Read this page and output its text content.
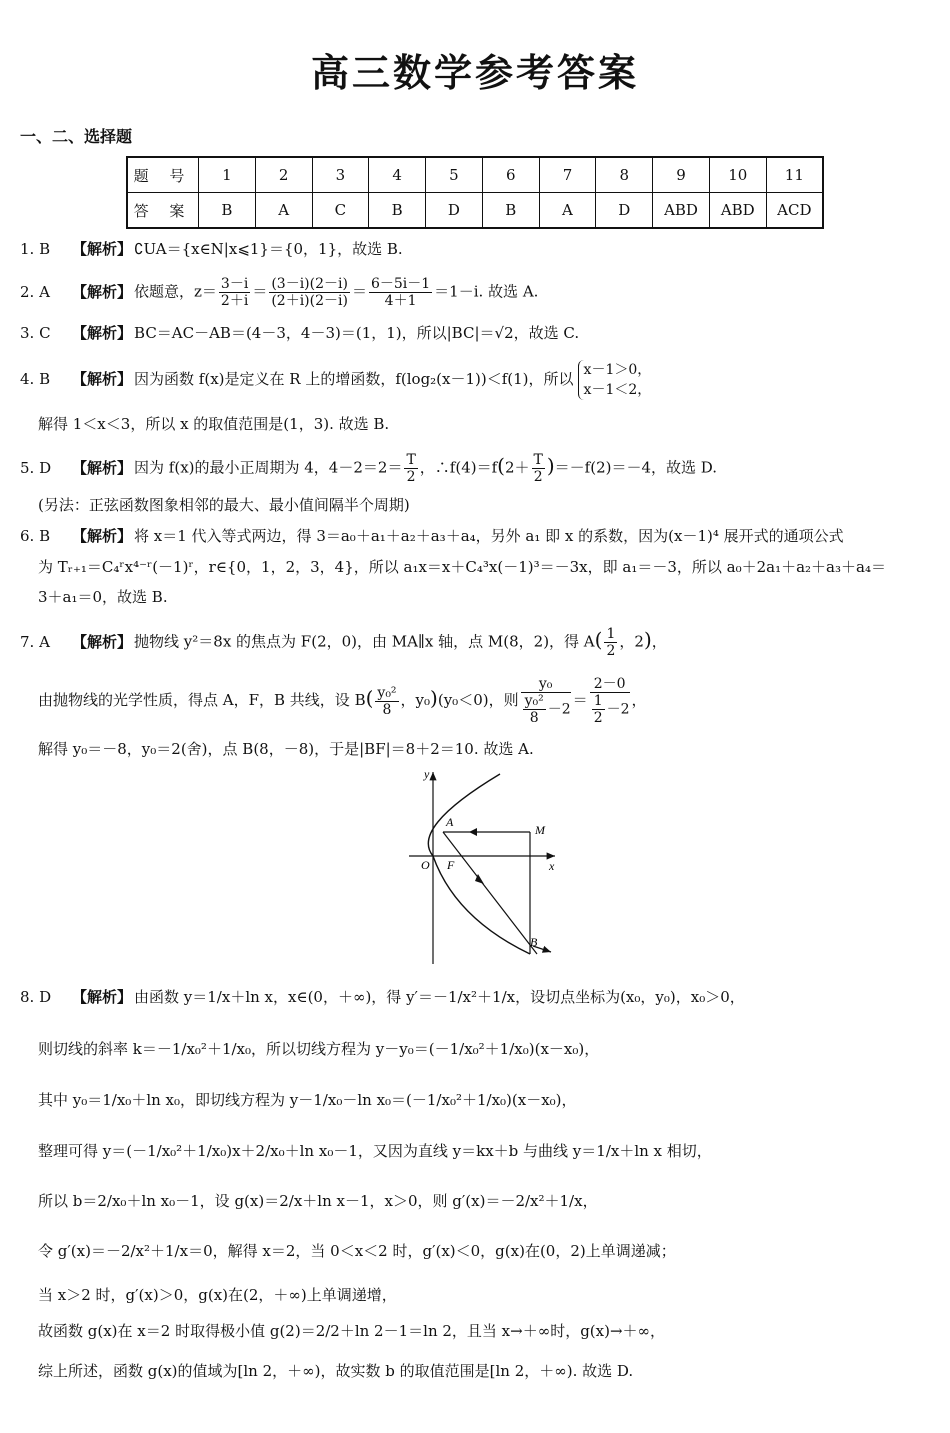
高三数学参考答案
一、二、选择题
题 号	1	2	3	4	5	6	7	8	9	10	11
答 案	B	A	C	B	D	B	A	D	ABD	ABD	ACD
1. B 【解析】 ∁UA＝{x∈N|x⩽1}＝{0，1}，故选 B.
2. A 【解析】 依题意，$z= \frac{3-i}{2+i} = \frac{(3-i)(2-i)}{(2+i)(2-i)} = \frac{6-5i-1}{4+1} =1-i$. 故选 A.
3. C 【解析】 BC＝AC－AB＝(4－3，4－3)＝(1，1)，所以|BC|＝√2，故选 C.
4. B 【解析】 因为函数 f(x)是定义在 R 上的增函数，f(log₂(x－1))＜f(1)，所以 x－1＞0，
x－1＜2，
解得 1＜x＜3，所以 x 的取值范围是(1，3). 故选 B.
5. D 【解析】 因为 f(x)的最小正周期为 4，$4-2=2= \frac{T}{2}$ ，∴f(4)＝f(2＋ $\frac{T}{2} )=-f(2)=-4$，故选 D.
(另法：正弦函数图象相邻的最大、最小值间隔半个周期)
6. B 【解析】 将 x＝1 代入等式两边，得 3＝a₀＋a₁＋a₂＋a₃＋a₄，另外 a₁ 即 x 的系数，因为(x－1)⁴ 展开式的通项公式
为 Tᵣ₊₁＝C₄ʳx⁴⁻ʳ(－1)ʳ，r∈{0，1，2，3，4}，所以 a₁x＝x＋C₄³x(－1)³＝－3x，即 a₁＝－3，所以 a₀＋2a₁＋a₂＋a₃＋a₄＝
3＋a₁＝0，故选 B.
7. A 【解析】 抛物线 y²＝8x 的焦点为 F(2，0)，由 MA∥x 轴，点 M(8，2)，得 $A( \frac{1}{2}$ ，2)，
由抛物线的光学性质，得点 A，F，B 共线，设 $B( \frac{\text{y₀²}}{8}$ ，y₀)(y₀＜0)，则 $\frac{\text{y₀}}{\frac{\text{y₀²}}{8} -2} = \frac{2-0}{\frac{1}{2} -2}$ ，
解得 y₀＝－8，y₀＝2(舍)，点 B(8，－8)，于是|BF|＝8＋2＝10. 故选 A.
y
x
O F
A
M
B
8. D 【解析】 由函数 y＝1/x＋ln x，x∈(0，＋∞)，得 y′＝－1/x²＋1/x，设切点坐标为(x₀，y₀)，x₀＞0，
则切线的斜率 k＝－1/x₀²＋1/x₀，所以切线方程为 y－y₀＝(－1/x₀²＋1/x₀)(x－x₀)，
其中 y₀＝1/x₀＋ln x₀，即切线方程为 y－1/x₀－ln x₀＝(－1/x₀²＋1/x₀)(x－x₀)，
整理可得 y＝(－1/x₀²＋1/x₀)x＋2/x₀＋ln x₀－1，又因为直线 y＝kx＋b 与曲线 y＝1/x＋ln x 相切，
所以 b＝2/x₀＋ln x₀－1，设 g(x)＝2/x＋ln x－1，x＞0，则 g′(x)＝－2/x²＋1/x，
令 g′(x)＝－2/x²＋1/x＝0，解得 x＝2，当 0＜x＜2 时，g′(x)＜0，g(x)在(0，2)上单调递减；
当 x＞2 时，g′(x)＞0，g(x)在(2，＋∞)上单调递增，
故函数 g(x)在 x＝2 时取得极小值 g(2)＝2/2＋ln 2－1＝ln 2，且当 x→＋∞时，g(x)→＋∞，
综上所述，函数 g(x)的值域为[ln 2，＋∞)，故实数 b 的取值范围是[ln 2，＋∞). 故选 D.
